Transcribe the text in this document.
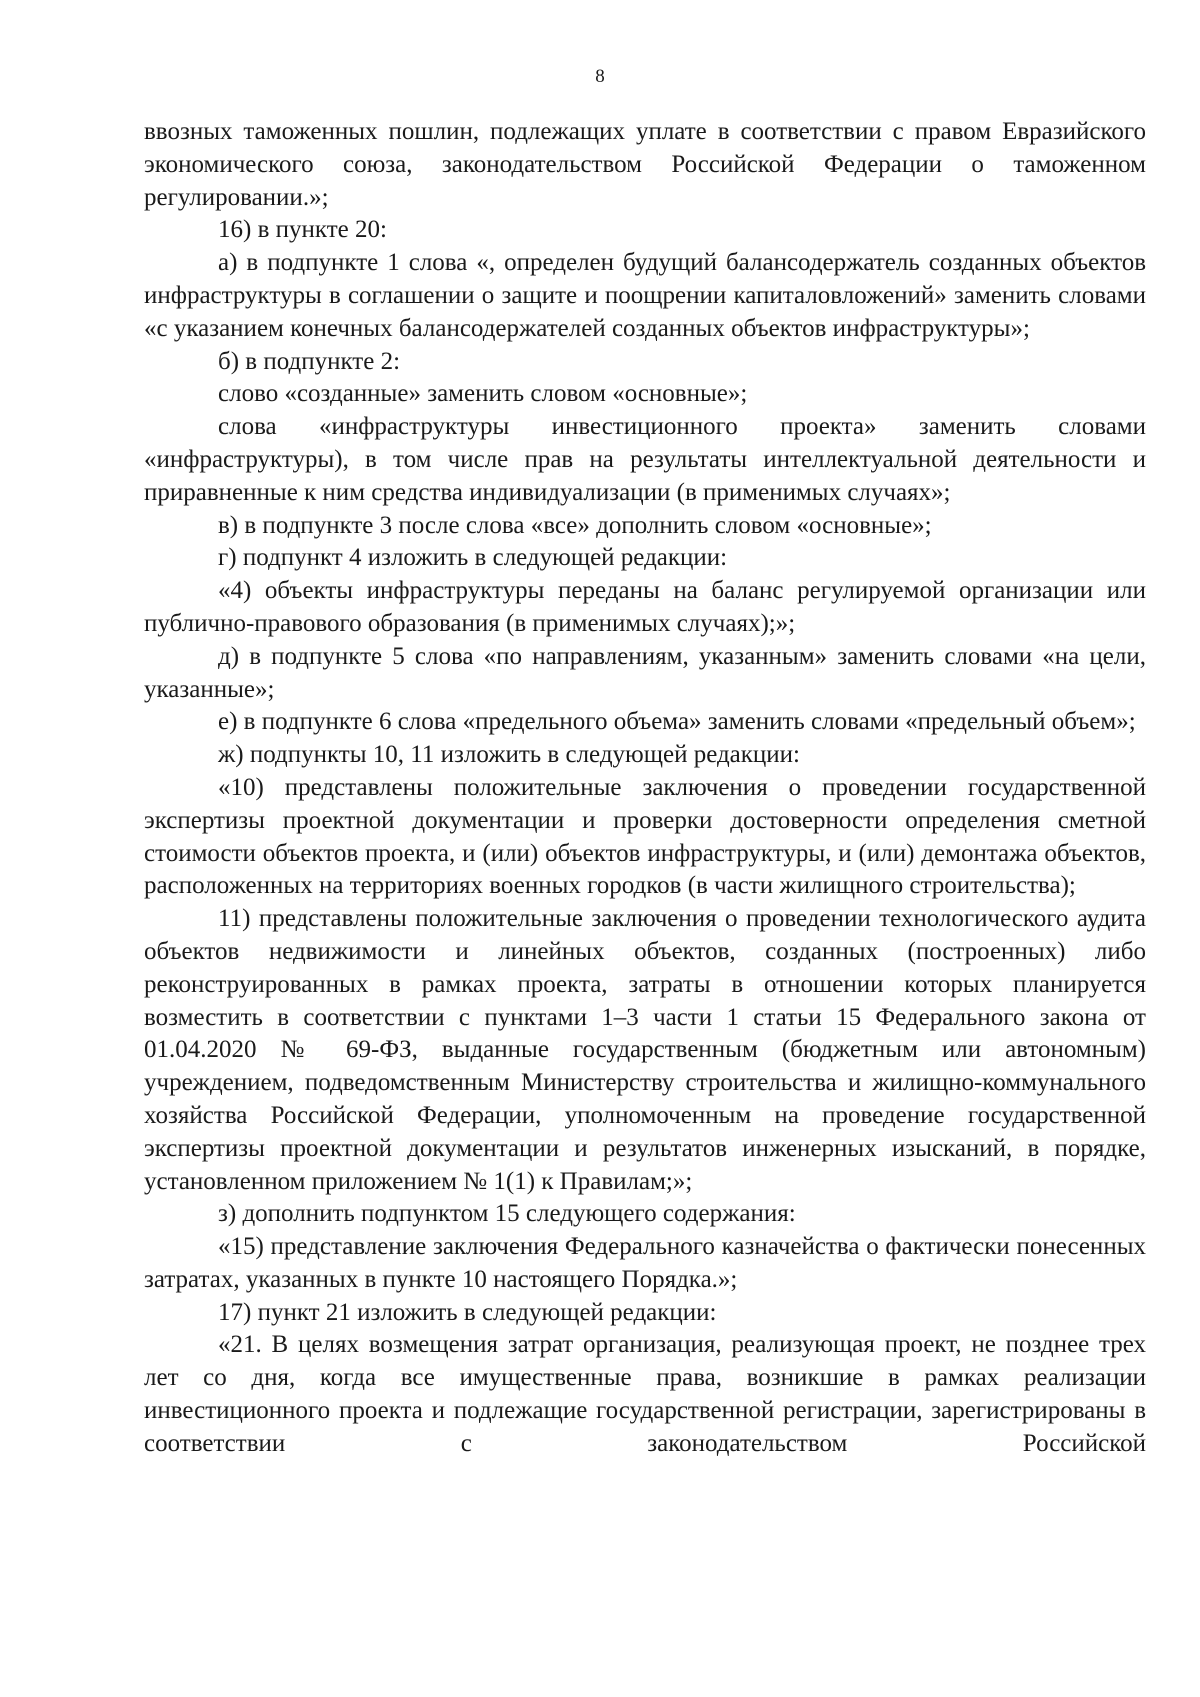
8

ввозных таможенных пошлин, подлежащих уплате в соответствии с правом Евразийского экономического союза, законодательством Российской Федерации о таможенном регулировании.»;

16) в пункте 20:

а) в подпункте 1 слова «, определен будущий балансодержатель созданных объектов инфраструктуры в соглашении о защите и поощрении капиталовложений» заменить словами «с указанием конечных балансодержателей созданных объектов инфраструктуры»;

б) в подпункте 2:

слово «созданные» заменить словом «основные»;

слова «инфраструктуры инвестиционного проекта» заменить словами «инфраструктуры), в том числе прав на результаты интеллектуальной деятельности и приравненные к ним средства индивидуализации (в применимых случаях»;

в) в подпункте 3 после слова «все» дополнить словом «основные»;

г) подпункт 4 изложить в следующей редакции:

«4) объекты инфраструктуры переданы на баланс регулируемой организации или публично-правового образования (в применимых случаях);»;

д) в подпункте 5 слова «по направлениям, указанным» заменить словами «на цели, указанные»;

е) в подпункте 6 слова «предельного объема» заменить словами «предельный объем»;

ж) подпункты 10, 11 изложить в следующей редакции:

«10) представлены положительные заключения о проведении государственной экспертизы проектной документации и проверки достоверности определения сметной стоимости объектов проекта, и (или) объектов инфраструктуры, и (или) демонтажа объектов, расположенных на территориях военных городков (в части жилищного строительства);

11) представлены положительные заключения о проведении технологического аудита объектов недвижимости и линейных объектов, созданных (построенных) либо реконструированных в рамках проекта, затраты в отношении которых планируется возместить в соответствии с пунктами 1–3 части 1 статьи 15 Федерального закона от 01.04.2020 № 69-ФЗ, выданные государственным (бюджетным или автономным) учреждением, подведомственным Министерству строительства и жилищно-коммунального хозяйства Российской Федерации, уполномоченным на проведение государственной экспертизы проектной документации и результатов инженерных изысканий, в порядке, установленном приложением № 1(1) к Правилам;»;

з) дополнить подпунктом 15 следующего содержания:

«15) представление заключения Федерального казначейства о фактически понесенных затратах, указанных в пункте 10 настоящего Порядка.»;

17) пункт 21 изложить в следующей редакции:

«21. В целях возмещения затрат организация, реализующая проект, не позднее трех лет со дня, когда все имущественные права, возникшие в рамках реализации инвестиционного проекта и подлежащие государственной регистрации, зарегистрированы в соответствии с законодательством Российской
